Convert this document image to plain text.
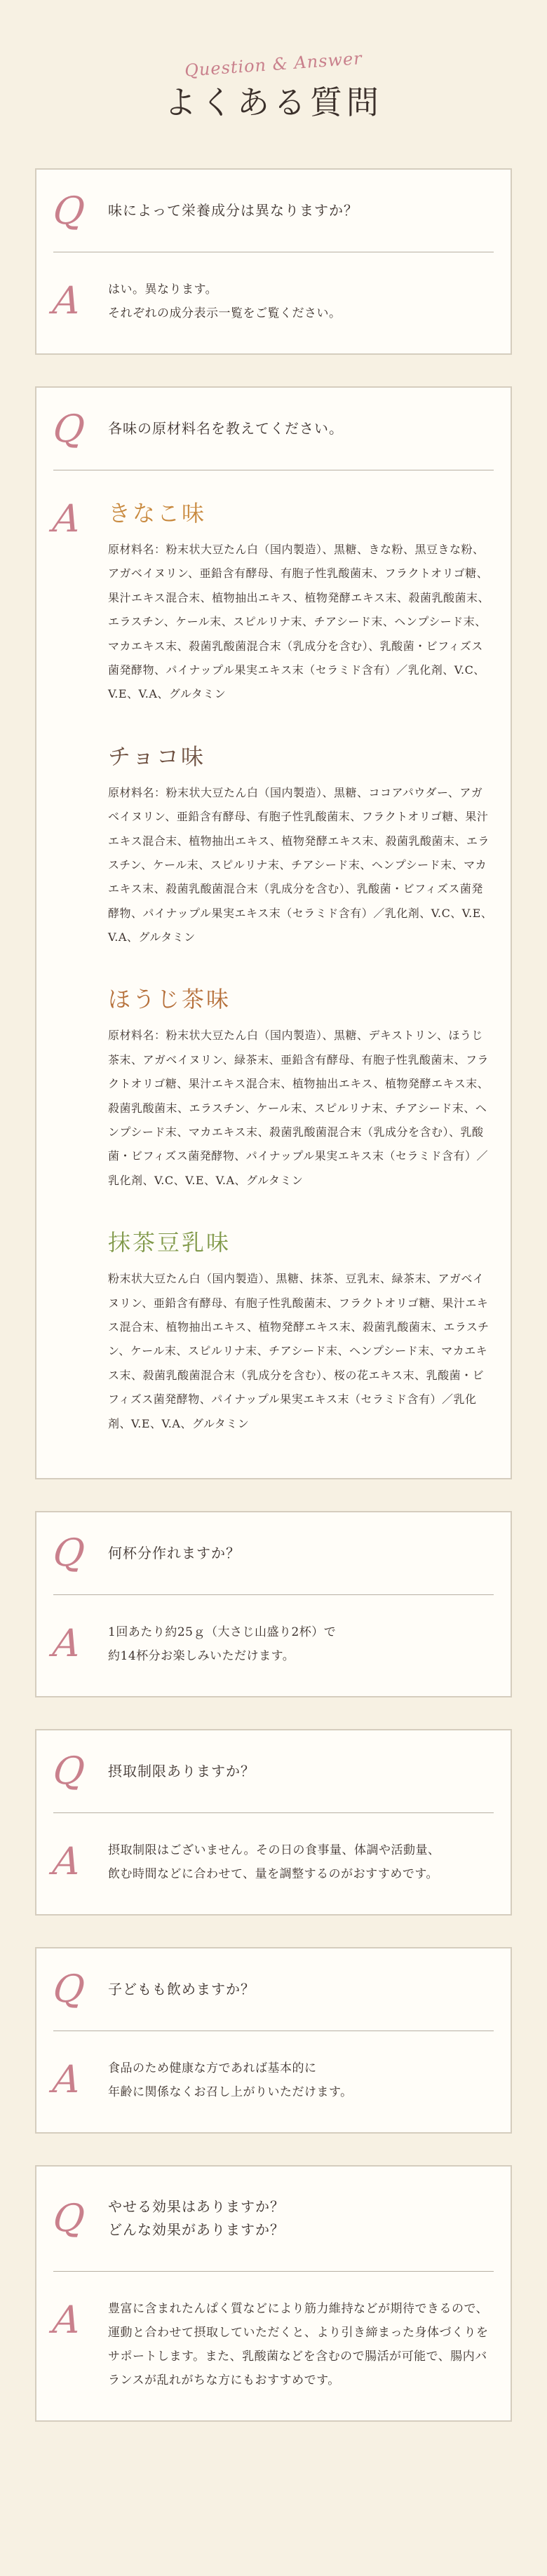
Question & Answer
よくある質問
Q	味によって栄養成分は異なりますか？
A	はい。異なります。
それぞれの成分表示一覧をご覧ください。
Q	各味の原材料名を教えてください。
A	きなこ味
原材料名：粉末状大豆たん白（国内製造）、黒糖、きな粉、黒豆きな粉、アガベイヌリン、亜鉛含有酵母、有胞子性乳酸菌末、フラクトオリゴ糖、果汁エキス混合末、植物抽出エキス、植物発酵エキス末、殺菌乳酸菌末、エラスチン、ケール末、スピルリナ末、チアシード末、ヘンプシード末、マカエキス末、殺菌乳酸菌混合末（乳成分を含む）、乳酸菌・ビフィズス菌発酵物、パイナップル果実エキス末（セラミド含有）／乳化剤、V.C、V.E、V.A、グルタミン
チョコ味
原材料名：粉末状大豆たん白（国内製造）、黒糖、ココアパウダー、アガベイヌリン、亜鉛含有酵母、有胞子性乳酸菌末、フラクトオリゴ糖、果汁エキス混合末、植物抽出エキス、植物発酵エキス末、殺菌乳酸菌末、エラスチン、ケール末、スピルリナ末、チアシード末、ヘンプシード末、マカエキス末、殺菌乳酸菌混合末（乳成分を含む）、乳酸菌・ビフィズス菌発酵物、パイナップル果実エキス末（セラミド含有）／乳化剤、V.C、V.E、V.A、グルタミン
ほうじ茶味
原材料名：粉末状大豆たん白（国内製造）、黒糖、デキストリン、ほうじ茶末、アガベイヌリン、緑茶末、亜鉛含有酵母、有胞子性乳酸菌末、フラクトオリゴ糖、果汁エキス混合末、植物抽出エキス、植物発酵エキス末、殺菌乳酸菌末、エラスチン、ケール末、スピルリナ末、チアシード末、ヘンプシード末、マカエキス末、殺菌乳酸菌混合末（乳成分を含む）、乳酸菌・ビフィズス菌発酵物、パイナップル果実エキス末（セラミド含有）／乳化剤、V.C、V.E、V.A、グルタミン
抹茶豆乳味
粉末状大豆たん白（国内製造）、黒糖、抹茶、豆乳末、緑茶末、アガベイヌリン、亜鉛含有酵母、有胞子性乳酸菌末、フラクトオリゴ糖、果汁エキス混合末、植物抽出エキス、植物発酵エキス末、殺菌乳酸菌末、エラスチン、ケール末、スピルリナ末、チアシード末、ヘンプシード末、マカエキス末、殺菌乳酸菌混合末（乳成分を含む）、桜の花エキス末、乳酸菌・ビフィズス菌発酵物、パイナップル果実エキス末（セラミド含有）／乳化剤、V.E、V.A、グルタミン
Q	何杯分作れますか？
A	1回あたり約25ｇ（大さじ山盛り2杯）で
約14杯分お楽しみいただけます。
Q	摂取制限ありますか？
A	摂取制限はございません。その日の食事量、体調や活動量、
飲む時間などに合わせて、量を調整するのがおすすめです。
Q	子どもも飲めますか？
A	食品のため健康な方であれば基本的に
年齢に関係なくお召し上がりいただけます。
Q	やせる効果はありますか？
どんな効果がありますか？
A	豊富に含まれたんぱく質などにより筋力維持などが期待できるので、運動と合わせて摂取していただくと、より引き締まった身体づくりをサポートします。また、乳酸菌などを含むので腸活が可能で、腸内バランスが乱れがちな方にもおすすめです。
